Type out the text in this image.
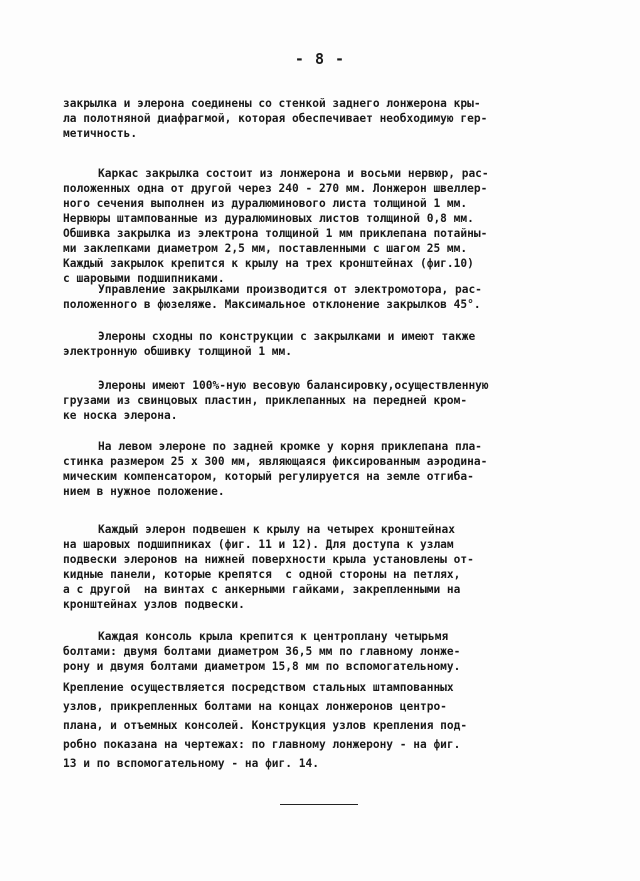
- 8 -
закрылка и элерона соединены со стенкой заднего лонжерона кры-
ла полотняной диафрагмой, которая обеспечивает необходимую гер-
метичность.
Каркас закрылка состоит из лонжерона и восьми нервюр, рас-
положенных одна от другой через 240 - 270 мм. Лонжерон швеллер-
ного сечения выполнен из дуралюминового листа толщиной 1 мм.
Нервюры штампованные из дуралюминовых листов толщиной 0,8 мм.
Обшивка закрылка из электрона толщиной 1 мм приклепана потайны-
ми заклепками диаметром 2,5 мм, поставленными с шагом 25 мм.
Каждый закрылок крепится к крылу на трех кронштейнах (фиг.10)
с шаровыми подшипниками.
Управление закрылками производится от электромотора, рас-
положенного в фюзеляже. Максимальное отклонение закрылков 45°.
Элероны сходны по конструкции с закрылками и имеют также
электронную обшивку толщиной 1 мм.
Элероны имеют 100%-ную весовую балансировку,осуществленную
грузами из свинцовых пластин, приклепанных на передней кром-
ке носка элерона.
На левом элероне по задней кромке у корня приклепана пла-
стинка размером 25 х 300 мм, являющаяся фиксированным аэродина-
мическим компенсатором, который регулируется на земле отгиба-
нием в нужное положение.
Каждый элерон подвешен к крылу на четырех кронштейнах
на шаровых подшипниках (фиг. 11 и 12). Для доступа к узлам
подвески элеронов на нижней поверхности крыла установлены от-
кидные панели, которые крепятся  с одной стороны на петлях,
а с другой  на винтах с анкерными гайками, закрепленными на
кронштейнах узлов подвески.
Каждая консоль крыла крепится к центроплану четырьмя
болтами: двумя болтами диаметром 36,5 мм по главному лонже-
рону и двумя болтами диаметром 15,8 мм по вспомогательному.
Крепление осуществляется посредством стальных штампованных
узлов, прикрепленных болтами на концах лонжеронов центро-
плана, и отъемных консолей. Конструкция узлов крепления под-
робно показана на чертежах: по главному лонжерону - на фиг.
13 и по вспомогательному - на фиг. 14.
